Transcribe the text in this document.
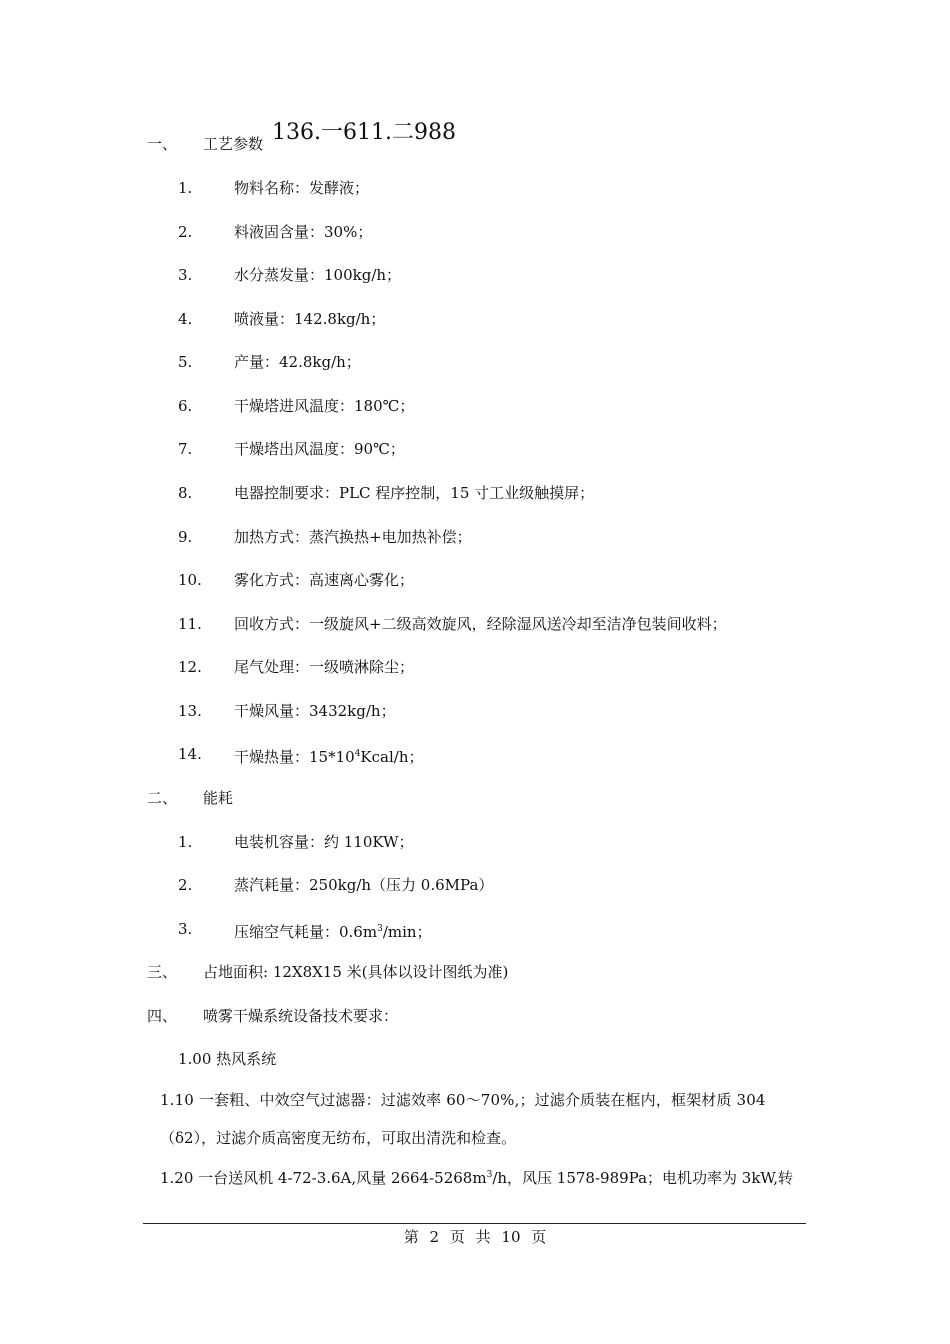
一、 工艺参数 136.一611.二988
1.	物料名称：发酵液；
2.	料液固含量：30%；
3.	水分蒸发量：100kg/h；
4.	喷液量：142.8kg/h；
5.	产量：42.8kg/h；
6.	干燥塔进风温度：180℃；
7.	干燥塔出风温度：90℃；
8.	电器控制要求：PLC 程序控制，15 寸工业级触摸屏；
9.	加热方式：蒸汽换热+电加热补偿；
10. 雾化方式：高速离心雾化；
11. 回收方式：一级旋风+二级高效旋风，经除湿风送冷却至洁净包装间收料；
12. 尾气处理：一级喷淋除尘；
13. 干燥风量：3432kg/h；
14. 干燥热量：$15*10^4Kcal/h$；
二、 能耗
1.	电装机容量：约 110KW；
2.	蒸汽耗量：250kg/h（压力 0.6MPa）
3.	压缩空气耗量：$0.6m^3/\min$；
三、 占地面积: 12X8X15 米(具体以设计图纸为准)
四、 喷雾干燥系统设备技术要求：
1.00 热风系统
1.10 一套粗、中效空气过滤器：过滤效率 60～70%,；过滤介质装在框内，框架材质 304
（δ2），过滤介质高密度无纺布，可取出清洗和检查。
1.20 一台送风机 4-72-3.6A,风量 $2664-5268m^3/h$，风压 1578-989Pa；电机功率为 3kW,转
第 2 页 共 10 页
